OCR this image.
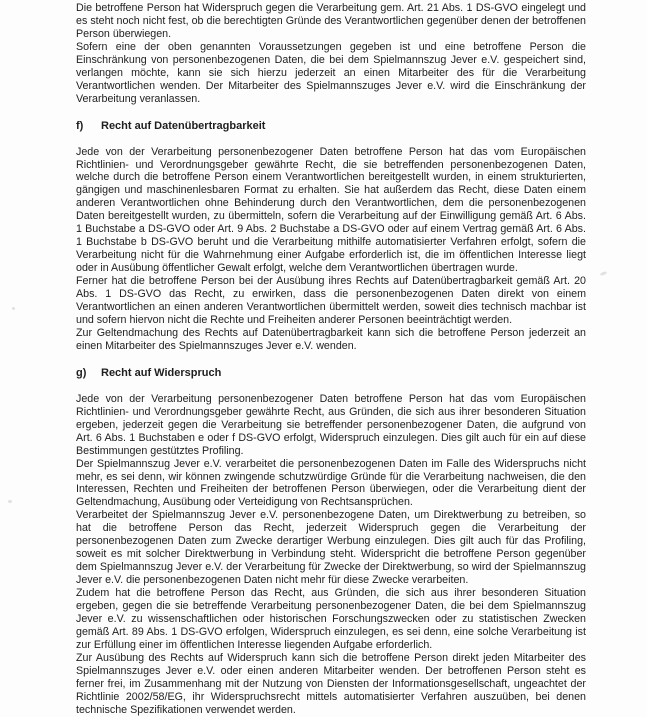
Die betroffene Person hat Widerspruch gegen die Verarbeitung gem. Art. 21 Abs. 1 DS-GVO eingelegt und es steht noch nicht fest, ob die berechtigten Gründe des Verantwortlichen gegenüber denen der betroffenen Person überwiegen.

Sofern eine der oben genannten Voraussetzungen gegeben ist und eine betroffene Person die Einschränkung von personenbezogenen Daten, die bei dem Spielmannszug Jever e.V. gespeichert sind, verlangen möchte, kann sie sich hierzu jederzeit an einen Mitarbeiter des für die Verarbeitung Verantwortlichen wenden. Der Mitarbeiter des Spielmannszuges Jever e.V. wird die Einschränkung der Verarbeitung veranlassen.

f) Recht auf Datenübertragbarkeit

Jede von der Verarbeitung personenbezogener Daten betroffene Person hat das vom Europäischen Richtlinien- und Verordnungsgeber gewährte Recht, die sie betreffenden personenbezogenen Daten, welche durch die betroffene Person einem Verantwortlichen bereitgestellt wurden, in einem strukturierten, gängigen und maschinenlesbaren Format zu erhalten. Sie hat außerdem das Recht, diese Daten einem anderen Verantwortlichen ohne Behinderung durch den Verantwortlichen, dem die personenbezogenen Daten bereitgestellt wurden, zu übermitteln, sofern die Verarbeitung auf der Einwilligung gemäß Art. 6 Abs. 1 Buchstabe a DS-GVO oder Art. 9 Abs. 2 Buchstabe a DS-GVO oder auf einem Vertrag gemäß Art. 6 Abs. 1 Buchstabe b DS-GVO beruht und die Verarbeitung mithilfe automatisierter Verfahren erfolgt, sofern die Verarbeitung nicht für die Wahrnehmung einer Aufgabe erforderlich ist, die im öffentlichen Interesse liegt oder in Ausübung öffentlicher Gewalt erfolgt, welche dem Verantwortlichen übertragen wurde.

Ferner hat die betroffene Person bei der Ausübung ihres Rechts auf Datenübertragbarkeit gemäß Art. 20 Abs. 1 DS-GVO das Recht, zu erwirken, dass die personenbezogenen Daten direkt von einem Verantwortlichen an einen anderen Verantwortlichen übermittelt werden, soweit dies technisch machbar ist und sofern hiervon nicht die Rechte und Freiheiten anderer Personen beeinträchtigt werden.

Zur Geltendmachung des Rechts auf Datenübertragbarkeit kann sich die betroffene Person jederzeit an einen Mitarbeiter des Spielmannszuges Jever e.V. wenden.

g) Recht auf Widerspruch

Jede von der Verarbeitung personenbezogener Daten betroffene Person hat das vom Europäischen Richtlinien- und Verordnungsgeber gewährte Recht, aus Gründen, die sich aus ihrer besonderen Situation ergeben, jederzeit gegen die Verarbeitung sie betreffender personenbezogener Daten, die aufgrund von Art. 6 Abs. 1 Buchstaben e oder f DS-GVO erfolgt, Widerspruch einzulegen. Dies gilt auch für ein auf diese Bestimmungen gestütztes Profiling.

Der Spielmannszug Jever e.V. verarbeitet die personenbezogenen Daten im Falle des Widerspruchs nicht mehr, es sei denn, wir können zwingende schutzwürdige Gründe für die Verarbeitung nachweisen, die den Interessen, Rechten und Freiheiten der betroffenen Person überwiegen, oder die Verarbeitung dient der Geltendmachung, Ausübung oder Verteidigung von Rechtsansprüchen.

Verarbeitet der Spielmannszug Jever e.V. personenbezogene Daten, um Direktwerbung zu betreiben, so hat die betroffene Person das Recht, jederzeit Widerspruch gegen die Verarbeitung der personenbezogenen Daten zum Zwecke derartiger Werbung einzulegen. Dies gilt auch für das Profiling, soweit es mit solcher Direktwerbung in Verbindung steht. Widerspricht die betroffene Person gegenüber dem Spielmannszug Jever e.V. der Verarbeitung für Zwecke der Direktwerbung, so wird der Spielmannszug Jever e.V. die personenbezogenen Daten nicht mehr für diese Zwecke verarbeiten.

Zudem hat die betroffene Person das Recht, aus Gründen, die sich aus ihrer besonderen Situation ergeben, gegen die sie betreffende Verarbeitung personenbezogener Daten, die bei dem Spielmannszug Jever e.V. zu wissenschaftlichen oder historischen Forschungszwecken oder zu statistischen Zwecken gemäß Art. 89 Abs. 1 DS-GVO erfolgen, Widerspruch einzulegen, es sei denn, eine solche Verarbeitung ist zur Erfüllung einer im öffentlichen Interesse liegenden Aufgabe erforderlich.

Zur Ausübung des Rechts auf Widerspruch kann sich die betroffene Person direkt jeden Mitarbeiter des Spielmannszuges Jever e.V. oder einen anderen Mitarbeiter wenden. Der betroffenen Person steht es ferner frei, im Zusammenhang mit der Nutzung von Diensten der Informationsgesellschaft, ungeachtet der Richtlinie 2002/58/EG, ihr Widerspruchsrecht mittels automatisierter Verfahren auszuüben, bei denen technische Spezifikationen verwendet werden.
